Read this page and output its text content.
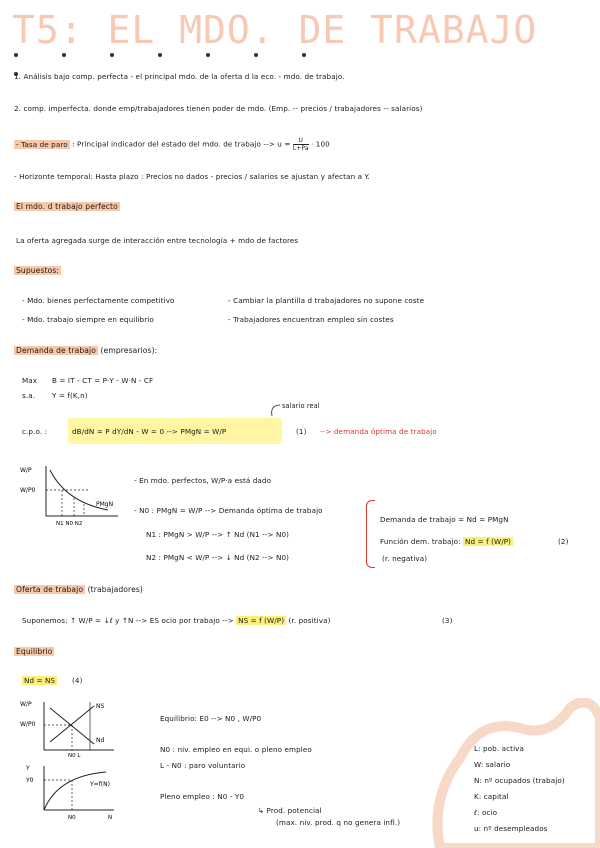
T5: EL MDO. DE TRABAJO
1. Análisis bajo comp. perfecta - el principal mdo. de la oferta d la eco. - mdo. de trabajo.
2. comp. imperfecta. donde emp/trabajadores tienen poder de mdo. (Emp. -- precios / trabajadores -- salarios)
- Tasa de paro : Principal indicador del estado del mdo. de trabajo --> $u = \frac{U}{L+Pa} \cdot 100$
- Horizonte temporal: Hasta plazo : Precios no dados - precios / salarios se ajustan y afectan a Y.
El mdo. d trabajo perfecto
La oferta agregada surge de interacción entre tecnología + mdo de factores
Supuestos:
- Mdo. bienes perfectamente competitivo
- Mdo. trabajo siempre en equilibrio
- Cambiar la plantilla d trabajadores no supone coste
- Trabajadores encuentran empleo sin costes
Demanda de trabajo (empresarios):
Max B = IT - CT = P·Y - W·N - CF
s.a. Y = f(K,n)
salario real
c.p.o. :	dB/dN = P dY/dN - W = 0 --> PMgN = W/P	(1) --> demanda óptima de trabajo
W/P
W/P0
PMgN
N1 N0 N2
- En mdo. perfectos, W/P·a está dado
- N0 : PMgN = W/P --> Demanda óptima de trabajo
N1 : PMgN > W/P --> ↑ Nd (N1 --> N0)
N2 : PMgN < W/P --> ↓ Nd (N2 --> N0)
Demanda de trabajo = Nd = PMgN
Función dem. trabajo: Nd = f (W/P)	(2)
(r. negativa)
Oferta de trabajo (trabajadores)
Suponemos: ↑ W/P = ↓ℓ y ↑N --> ES ocio por trabajo --> NS = f (W/P) (r. positiva)	(3)
Equilibrio
Nd = NS (4)
W/P
W/P0
NS
Nd
N0 L
Y
Y0
Y=f(N)
N0	N
Equilibrio: E0 --> N0 , W/P0
N0 : niv. empleo en equi. o pleno empleo
L - N0 : paro voluntario
Pleno empleo : N0 - Y0
↳ Prod. potencial
(max. niv. prod. q no genera infl.)
L: pob. activa
W: salario
N: nº ocupados (trabajo)
K: capital
ℓ: ocio
u: nº desempleados
